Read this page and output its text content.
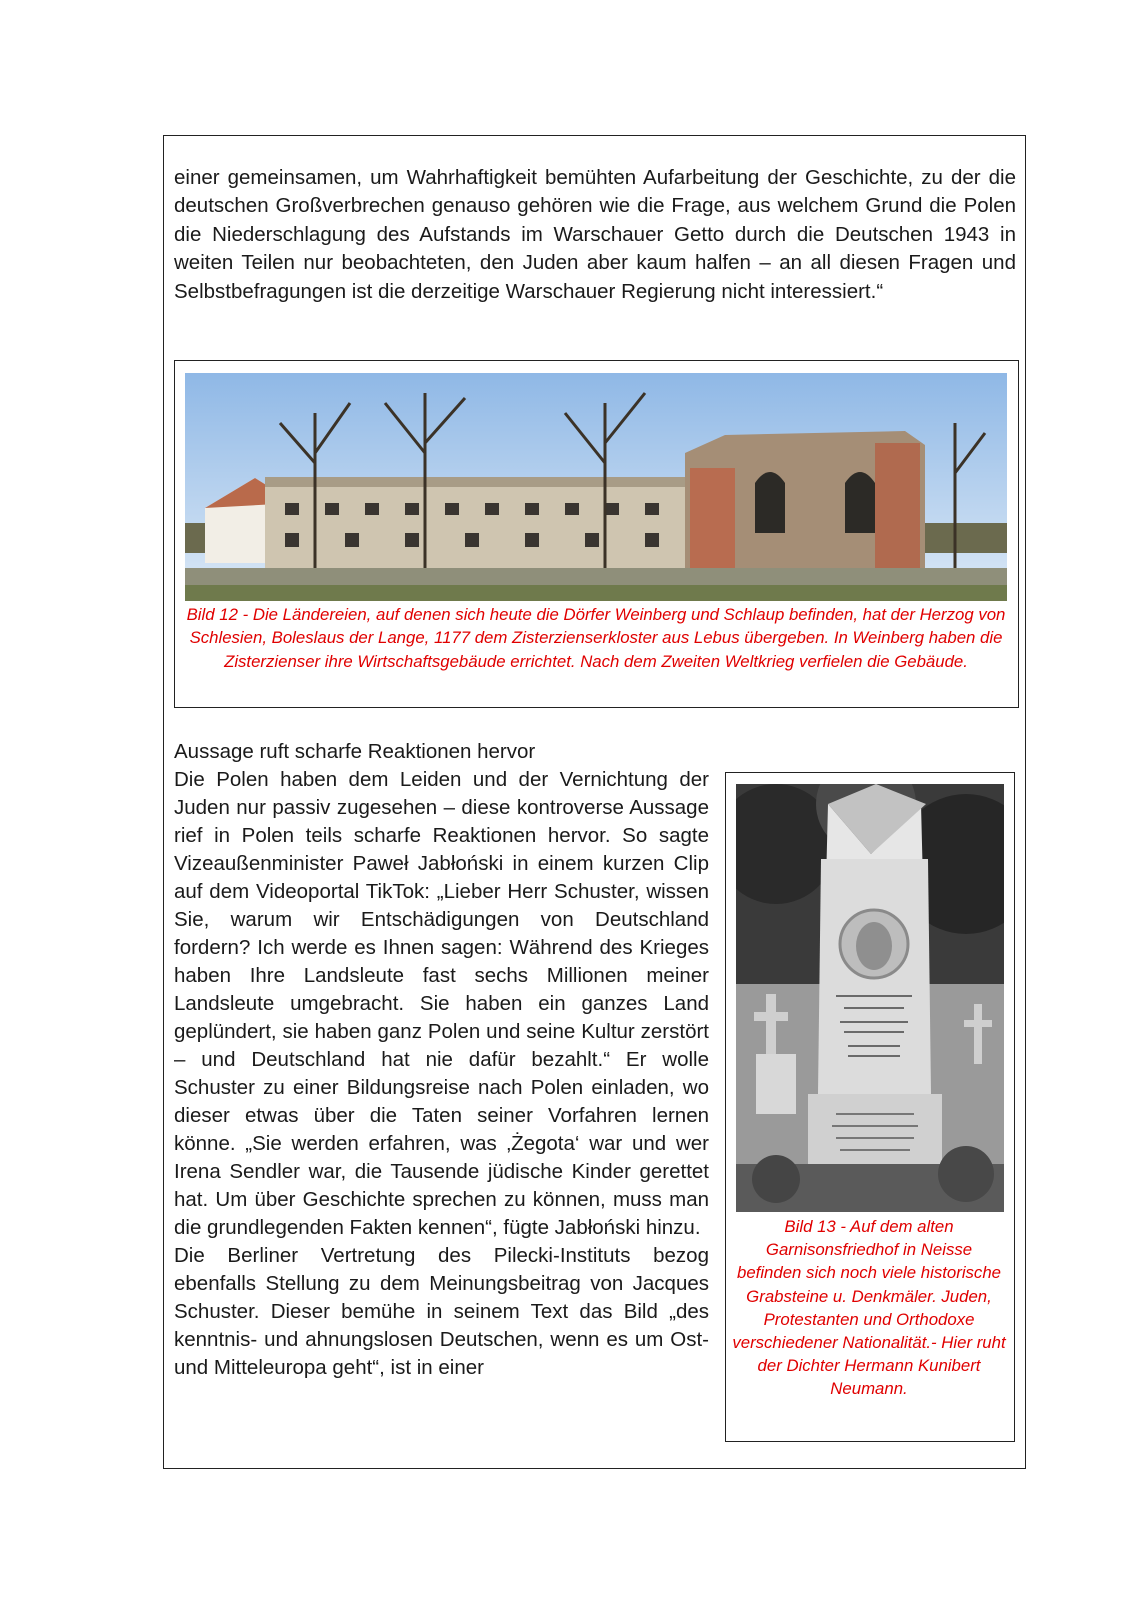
einer gemeinsamen, um Wahrhaftigkeit bemühten Aufarbeitung der Geschichte, zu der die deutschen Großverbrechen genauso gehören wie die Frage, aus welchem Grund die Polen die Niederschlagung des Aufstands im Warschauer Getto durch die Deutschen 1943 in weiten Teilen nur beobachteten, den Juden aber kaum halfen – an all diesen Fragen und Selbstbefragungen ist die derzeitige Warschauer Regierung nicht interessiert.“

Bild 12 - Die Ländereien, auf denen sich heute die Dörfer Weinberg und Schlaup befinden, hat der Herzog von Schlesien, Boleslaus der Lange, 1177 dem Zisterzienserkloster aus Lebus übergeben. In Weinberg haben die Zisterzienser ihre Wirtschaftsgebäude errichtet. Nach dem Zweiten Weltkrieg verfielen die Gebäude.

Aussage ruft scharfe Reaktionen hervor

Die Polen haben dem Leiden und der Vernichtung der Juden nur passiv zugesehen – diese kontroverse Aussage rief in Polen teils scharfe Reaktionen hervor. So sagte Vizeaußenminister Paweł Jabłoński in einem kurzen Clip auf dem Videoportal TikTok: „Lieber Herr Schuster, wissen Sie, warum wir Entschädigungen von Deutschland fordern? Ich werde es Ihnen sagen: Während des Krieges haben Ihre Landsleute fast sechs Millionen meiner Landsleute umgebracht. Sie haben ein ganzes Land geplündert, sie haben ganz Polen und seine Kultur zerstört – und Deutschland hat nie dafür bezahlt.“ Er wolle Schuster zu einer Bildungsreise nach Polen einladen, wo dieser etwas über die Taten seiner Vorfahren lernen könne. „Sie werden erfahren, was ‚Żegota‘ war und wer Irena Sendler war, die Tausende jüdische Kinder gerettet hat. Um über Geschichte sprechen zu können, muss man die grundlegenden Fakten kennen“, fügte Jabłoński hinzu.

Die Berliner Vertretung des Pilecki-Instituts bezog ebenfalls Stellung zu dem Meinungsbeitrag von Jacques Schuster. Dieser bemühe in seinem Text das Bild „des kenntnis- und ahnungslosen Deutschen, wenn es um Ost- und Mitteleuropa geht“, ist in einer

Bild 13 - Auf dem alten Garnisonsfriedhof in Neisse befinden sich noch viele historische Grabsteine u. Denkmäler. Juden, Protestanten und Orthodoxe verschiedener Nationalität.- Hier ruht der Dichter Hermann Kunibert Neumann.
